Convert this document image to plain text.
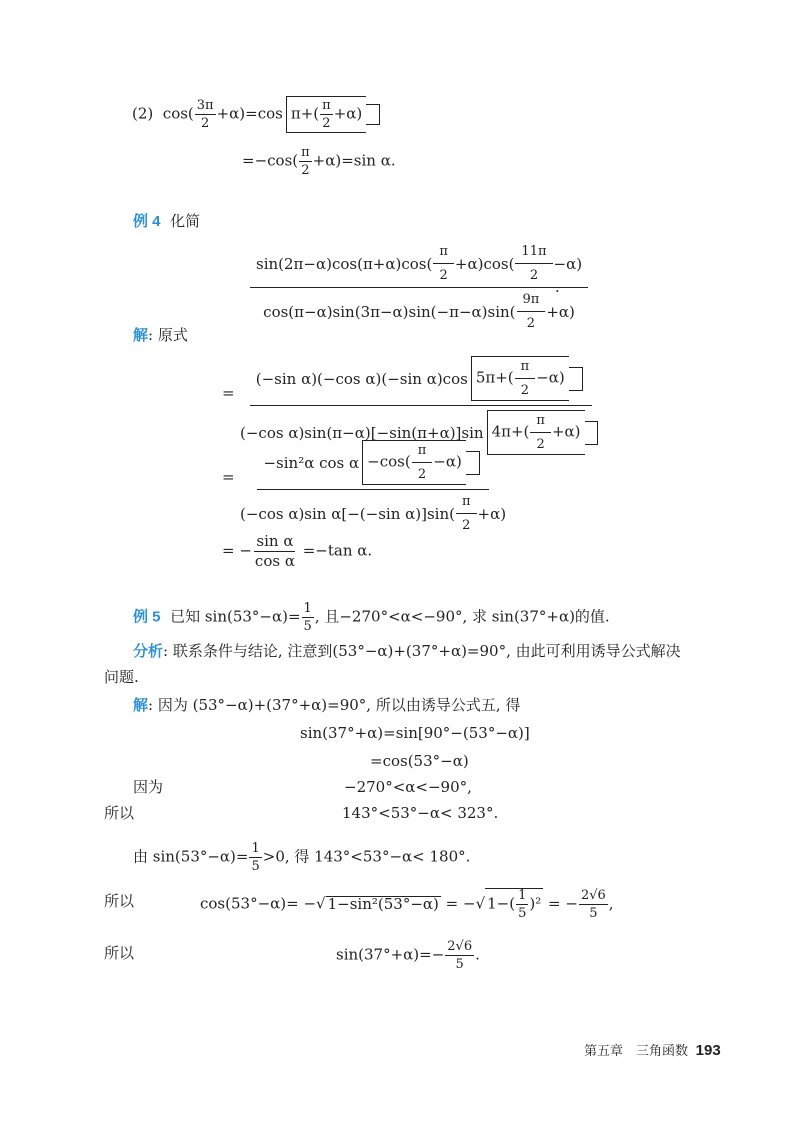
(2) $\cos( \frac{3\pi}{2} +\alpha)=\cos$ $\pi+( \frac{\pi}{2} +\alpha)$
$=-\cos( \frac{\pi}{2} +\alpha)=\sin$ α.
例 4 化简
$\frac{\sin(2\pi-\alpha)\cos(\pi+\alpha)\cos( \frac{\pi}{2} +\alpha)\cos( \frac{11\pi}{2} -\alpha)}{\cos(\pi-\alpha)\sin(3\pi-\alpha)\sin(-\pi-\alpha)\sin( \frac{9\pi}{2} +\alpha)}$
.
解: 原式
= $\frac{(-\sin \alpha)(-\cos \alpha)(-\sin \alpha)\cos 5\pi+( \frac{\pi}{2} -\alpha)}{(-\cos \alpha)\sin(\pi-\alpha)[-\sin(\pi+\alpha)]\sin 4\pi+( \frac{\pi}{2} +\alpha)}$

= $\frac{-\sin^2\alpha \cos \alpha -\cos( \frac{\pi}{2} -\alpha)}{(-\cos \alpha)\sin \alpha[-(-\sin \alpha)]\sin( \frac{\pi}{2} +\alpha)}$
= − $\frac{\text{sin α}}{\text{cos α}} =-\tan$ α.
例 5 已知 $\sin(53^\circ-\alpha)= \frac{1}{5}$ , 且−270°<α<−90°, 求 sin(37°+α)的值.
分析: 联系条件与结论, 注意到(53°−α)+(37°+α)=90°, 由此可利用诱导公式解决
问题.
解: 因为 (53°−α)+(37°+α)=90°, 所以由诱导公式五, 得
sin(37°+α)=sin[90°−(53°−α)]
=cos(53°−α)
因为	−270°<α<−90°,
所以	143°<53°−α< 323°.
由 $\sin(53^\circ-\alpha)= \frac{1}{5} >0$, 得 143°<53°−α< 180°.
所以	cos(53°−α)= −√ 1−sin²(53°−α) = −√ $1-( \frac{1}{5} )^2$ = − $\frac{2√6}{5}$ ,
所以	$\sin(37^\circ+\alpha)=- \frac{2√6}{5}$ .
第五章　三角函数 193
